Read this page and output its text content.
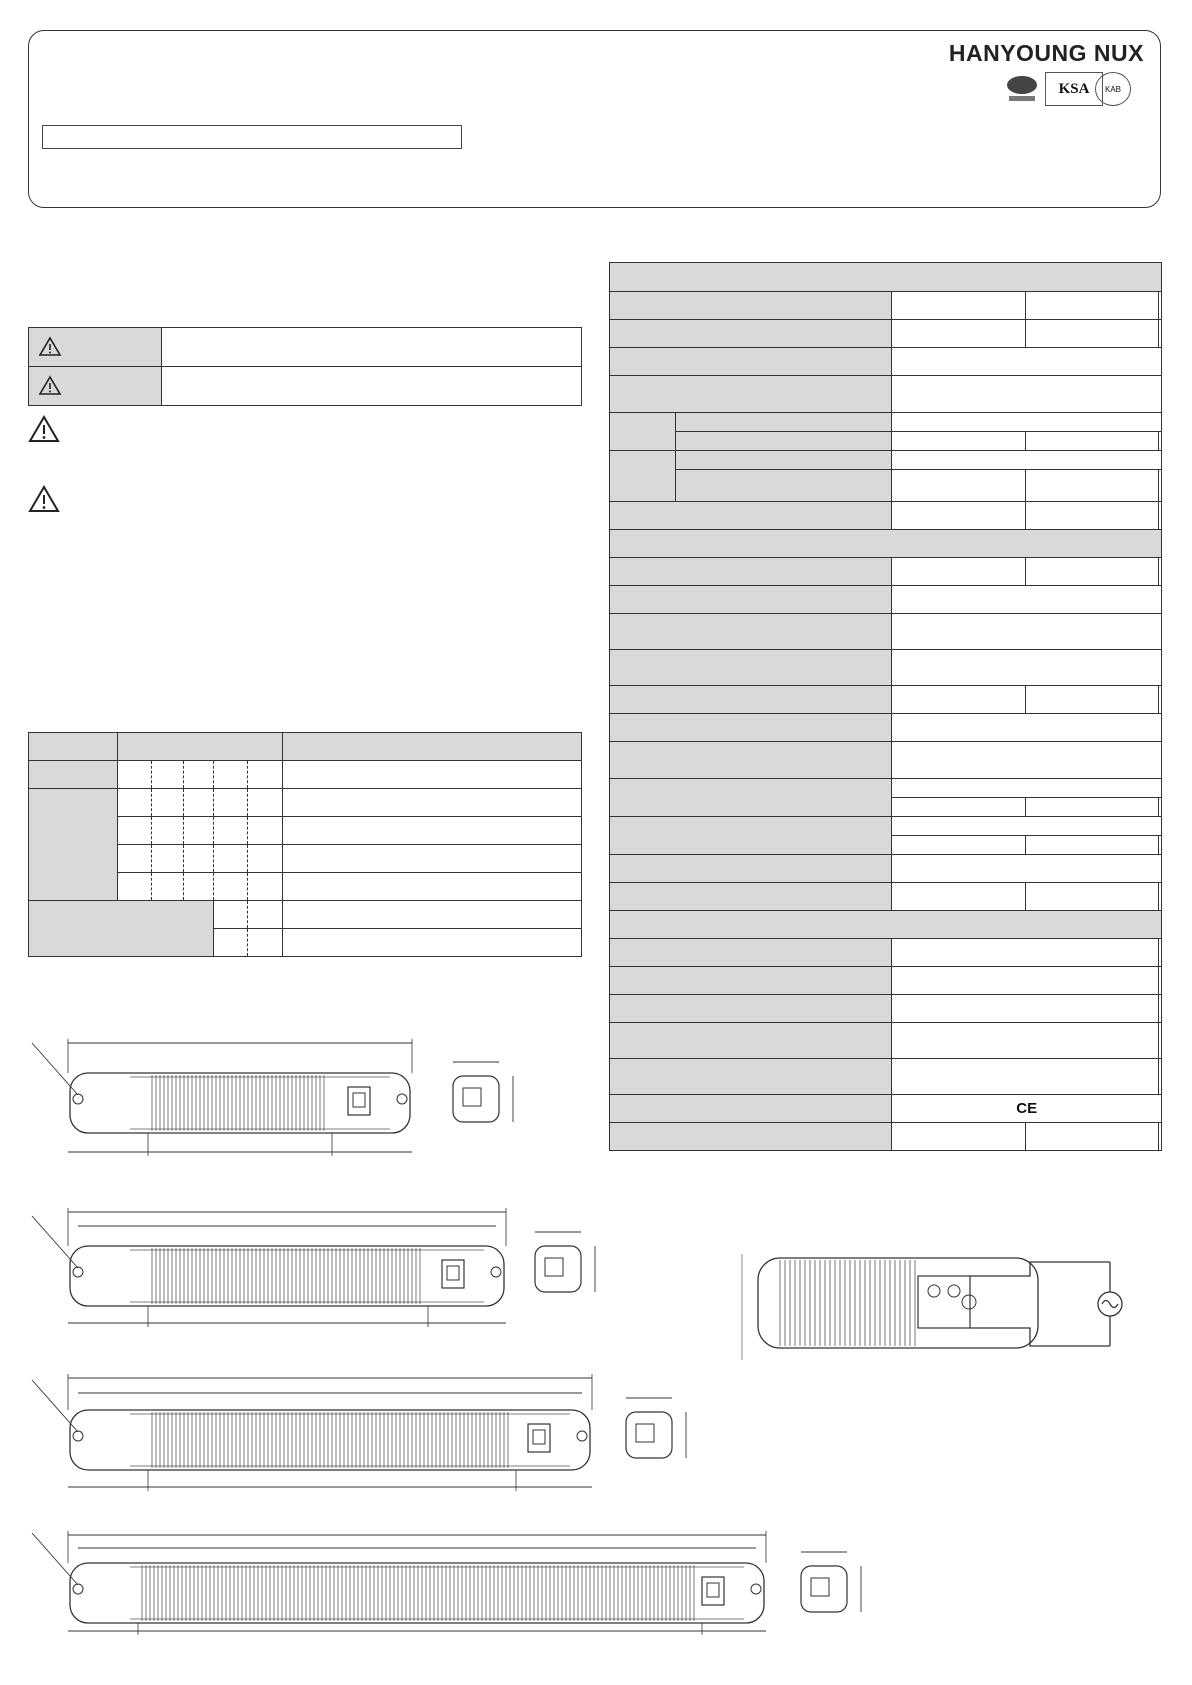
HANYOUNG NUX
KSA KAB

		CE		
